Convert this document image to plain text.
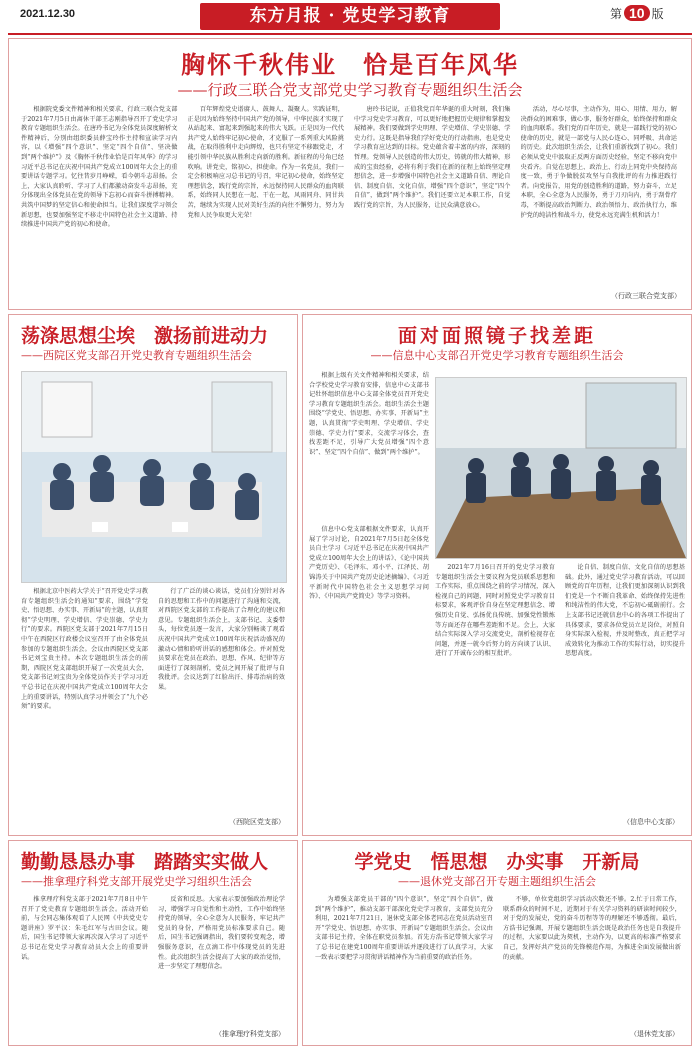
2021.12.30	东方月报 · 党史学习教育	第 10 版
胸怀千秋伟业　恰是百年风华
——行政三联合党支部党史学习教育专题组织生活会

根据院党委文件精神和相关要求，行政三联合党支部于2021年7月5日由离休干部王志刚指导召开了党史学习教育专题组织生活会。在唐玲书记为全体党员深度解析文件精神后，分别由组织委员薛宝玲作主持和宣读学习内容，以《增强“四个意识”、坚定“四个自信”、坚决做到“两个维护”》及《胸怀千秋伟业恰是百年风华》的学习习近平总书记在庆祝中国共产党成立100周年大会上的重要讲话专题学习。忆往昔岁月峥嵘，看今朝斗志昂扬。会上，大家认真聆听、学习了人们都激动奋发斗志昂扬，充分体现出全体党员在党的领导下忘初心而奋斗拼搏精神。共筑中国梦的坚定信心和使命担当。让我们深度学习领会新思想，也要加强坚定不移走中国特色社会主义道路、持续推进中国共产党的初心和使命。

百年辉煌党史谱赓人、鼓舞人、凝聚人。实践证明，正是因为始终坚持中国共产党的领导，中华民族才实现了从站起来、富起来到强起来的伟大飞跃。正是因为一代代共产党人始终牢记初心使命，才克服了一系列重大风险挑战，在取得胜利中走向辉煌，也只有坚定不移跟党走，才能引领中华民族从胜利走向新的胜利。新征程的号角已经吹响。讲党史，铭初心，担使命。作为一名党员，我们一定会积极响应习总书记的号召，牢记初心使命，始终坚定理想信念，践行党的宗旨，永远保持同人民群众的血肉联系，始终同人民想在一起、干在一起，风雨同舟、同甘共苦，继续为实现人民对美好生活的向往不懈努力，努力为党和人民争取更大光荣！

唐玲书记说，正值我党百年华诞的重大时刻，我们集中学习党史学习教育，可以更好地把握历史规律和掌握发展精神。我们要做到学史明理、学史增信、学史崇德、学史力行。这既是指导我们学好党史的行动指南，也是党史学习教育应达到的目标。党史蕴含着丰富的内容，深刻的哲理。党领导人民创造的伟大历史，铸就的伟大精神，形成的宝贵经验，必将有利于我们在新的征程上始终坚定理想信念，进一步增强中国特色社会主义道路自信、理论自信、制度自信、文化自信，增强“四个意识”，坚定“四个自信”，做到“两个维护”。我们还要立足本职工作，自觉践行党的宗旨，为人民服务，让民众满意放心。

活动，尽心尽事，主动作为，用心、用情、用力，解决群众的困难事，做心事，服务好群众，始终保持和群众的血肉联系。我们党的百年历史，就是一部践行党的初心使命的历史，就是一部党与人民心连心、同呼吸、共命运的历史。此次组织生活会，让我们重新找到了初心。我们必须从党史中汲取正反两方面历史经验，坚定不移向党中央看齐。自觉在思想上、政治上、行动上同党中央保持高度一致，勇于争做脱贫攻坚与自我批评的有力推进践行者。向党报告，用党的创造胜利的道路，努力奋斗，立足本职，全心全意为人民服务，勇于刀刃向内，勇于刮骨疗毒，不断提高政治判断力、政治领悟力、政治执行力，维护党的纯洁性和战斗力，使党永远充满生机和活力！

（行政三联合党支部）
荡涤思想尘埃　激扬前进动力
——西院区党支部召开党史教育专题组织生活会

根据北京中医药大学关于“召开党史学习教育专题组织生活会的通知”要求，围绕“学党史、悟思想、办实事、开新局”的主题，认真贯彻“学史明理、学史增信、学史崇德、学史力行”的要求。西院区党支部于2021年7月15日中午在西院区行政楼会议室召开了由全体党员参加的专题组织生活会。会议由西院区党支部书记刘宝贵主持。本次专题组织生活会的前期，西院区党支部组织开展了一次党员大会，党支部书记刘宝贵为全体党员作关于学习习近平总书记在庆祝中国共产党成立100周年大会上的重要讲话，特别认真学习并领会了“九个必须”的要求。

行了广泛的谈心谈话，党员们分别针对各自的思想和工作中的问题进行了沟通和交流，对西院区党支部的工作提出了合理化的建议和意见。专题组织生活会上，支部书记、支委带头，每位党员逐一发言，大家分别畅谈了观看庆祝中国共产党成立100周年庆祝活动盛况的激动心情和聆听讲话的感想和体会。并对照党员要求在党员在政治、思想、作风、纪律等方面进行了深刻剖析，党员之间开展了批评与自我批评。会议达到了红脸出汗、排毒治病的效果。

（西院区党支部）
面对面照镜子找差距
——信息中心支部召开党史学习教育专题组织生活会

根据上级有关文件精神和相关要求，结合学校党史学习教育安排，信息中心支部书记牡怀组织信息中心支部全体党员召开党史学习教育专题组织生活会。组织生活会主题围绕“学党史、悟思想、办实事、开新局”主题，认真贯彻“学史明理、学史增信、学史崇德、学史力行”要求，交流学习体会，查找差距不足，引导广大党员增强“四个意识”、坚定“四个自信”、做到“两个维护”。

信息中心党支部根据文件要求，认真开展了学习讨论，自2021年7月5日起全体党员自主学习《习近平总书记在庆祝中国共产党成立100周年大会上的讲话》、《论中国共产党历史》、《毛泽东、邓小平、江泽民、胡锦涛关于中国共产党历史论述摘编》、《习近平新时代中国特色社会主义思想学习问答》、《中国共产党简史》等学习资料。

2021年7月16日召开的党史学习教育专题组织生活会主要议程为党员联系思想和工作实际，重点围绕之前的学习情况，深入检视自己的问题，同时对照党史学习教育目标要求，客观评价自身在坚定理想信念、增强历史自觉、弘扬优良传统、加强党性锻炼等方面还存在哪些差距和不足。会上，大家结合实际深入学习交流党史，剖析检视存在问题，并逐一就今后努力的方向谈了认识、进行了开诚布公的相互批评。

论自信、制度自信、文化自信的思想基础。此外，通过党史学习教育活动，可以回顾党的百年历程，让我们更加深刻认识到我们党是一个不断自我革命、始终保持先进性和纯洁性的伟大党，不忘初心砥砺前行。会上支部书记还就信息中心的各项工作提出了具体要求，要求各位党员立足岗位，对照自身实际深入检视，并及时整改，真正把学习成效转化为推动工作的实际行动，切实提升思想高度。

（信息中心支部）
勤勤恳恳办事　踏踏实实做人
——推拿理疗科党支部开展党史学习组织生活会

推拿理疗科党支部于2021年7月8日中午召开了党史教育专题组织生活会。活动开始前，与会同志集体观看了人民网《中共党史专题讲座》罗平汉：朱毛红军与古田会议。随后，国生书记带领大家再次深入学习了习近平总书记在党史学习教育动员大会上的重要讲话。

反省和反思。大家表示要加强政治理论学习，增强学习自觉性和主动性，工作中始终坚持党的领导，全心全意为人民服务，牢记共产党员的身份，严格用党员标准要求自己。随后，国生书记强调指出，我们要转变观念，增强服务意识，在点滴工作中体现党员的先进性。此次组织生活会提高了大家的政治觉悟，进一步坚定了理想信念。

（推拿理疗科党支部）
学党史　悟思想　办实事　开新局
——退休党支部召开专题主题组织生活会

为增强支部党员干部的“四个意识”，坚定“四个自信”，做到“两个维护”，推动支部干部深化党史学习教育，支部党员充分利用，2021年7月21日，退休党支部全体老同志在党员活动室召开“学党史、悟思想、办实事、开新局”专题组织生活会。会议由支部书记主持，全体在职党员参加。首先方浩书记带领大家学习了总书记在建党100周年重要讲话并逐段进行了认真学习，大家一致表示要把学习贯彻讲话精神作为当前重要的政治任务。

不够，单位党组织学习活动次数还不够。2.忙于日常工作，联系群众的时间不足，近期对于有关学习资料的研读时间较少，对于党的发展史，党的奋斗历程等等的理解还不够透彻。最后，方浩书记强调，开展专题组织生活会既是政治任务也是自我提升的过程，大家要以此为契机，主动作为，以更高的标准严格要求自己，发挥好共产党员的先锋模范作用，为推进全面发展做出新的贡献。

（退休党支部）
